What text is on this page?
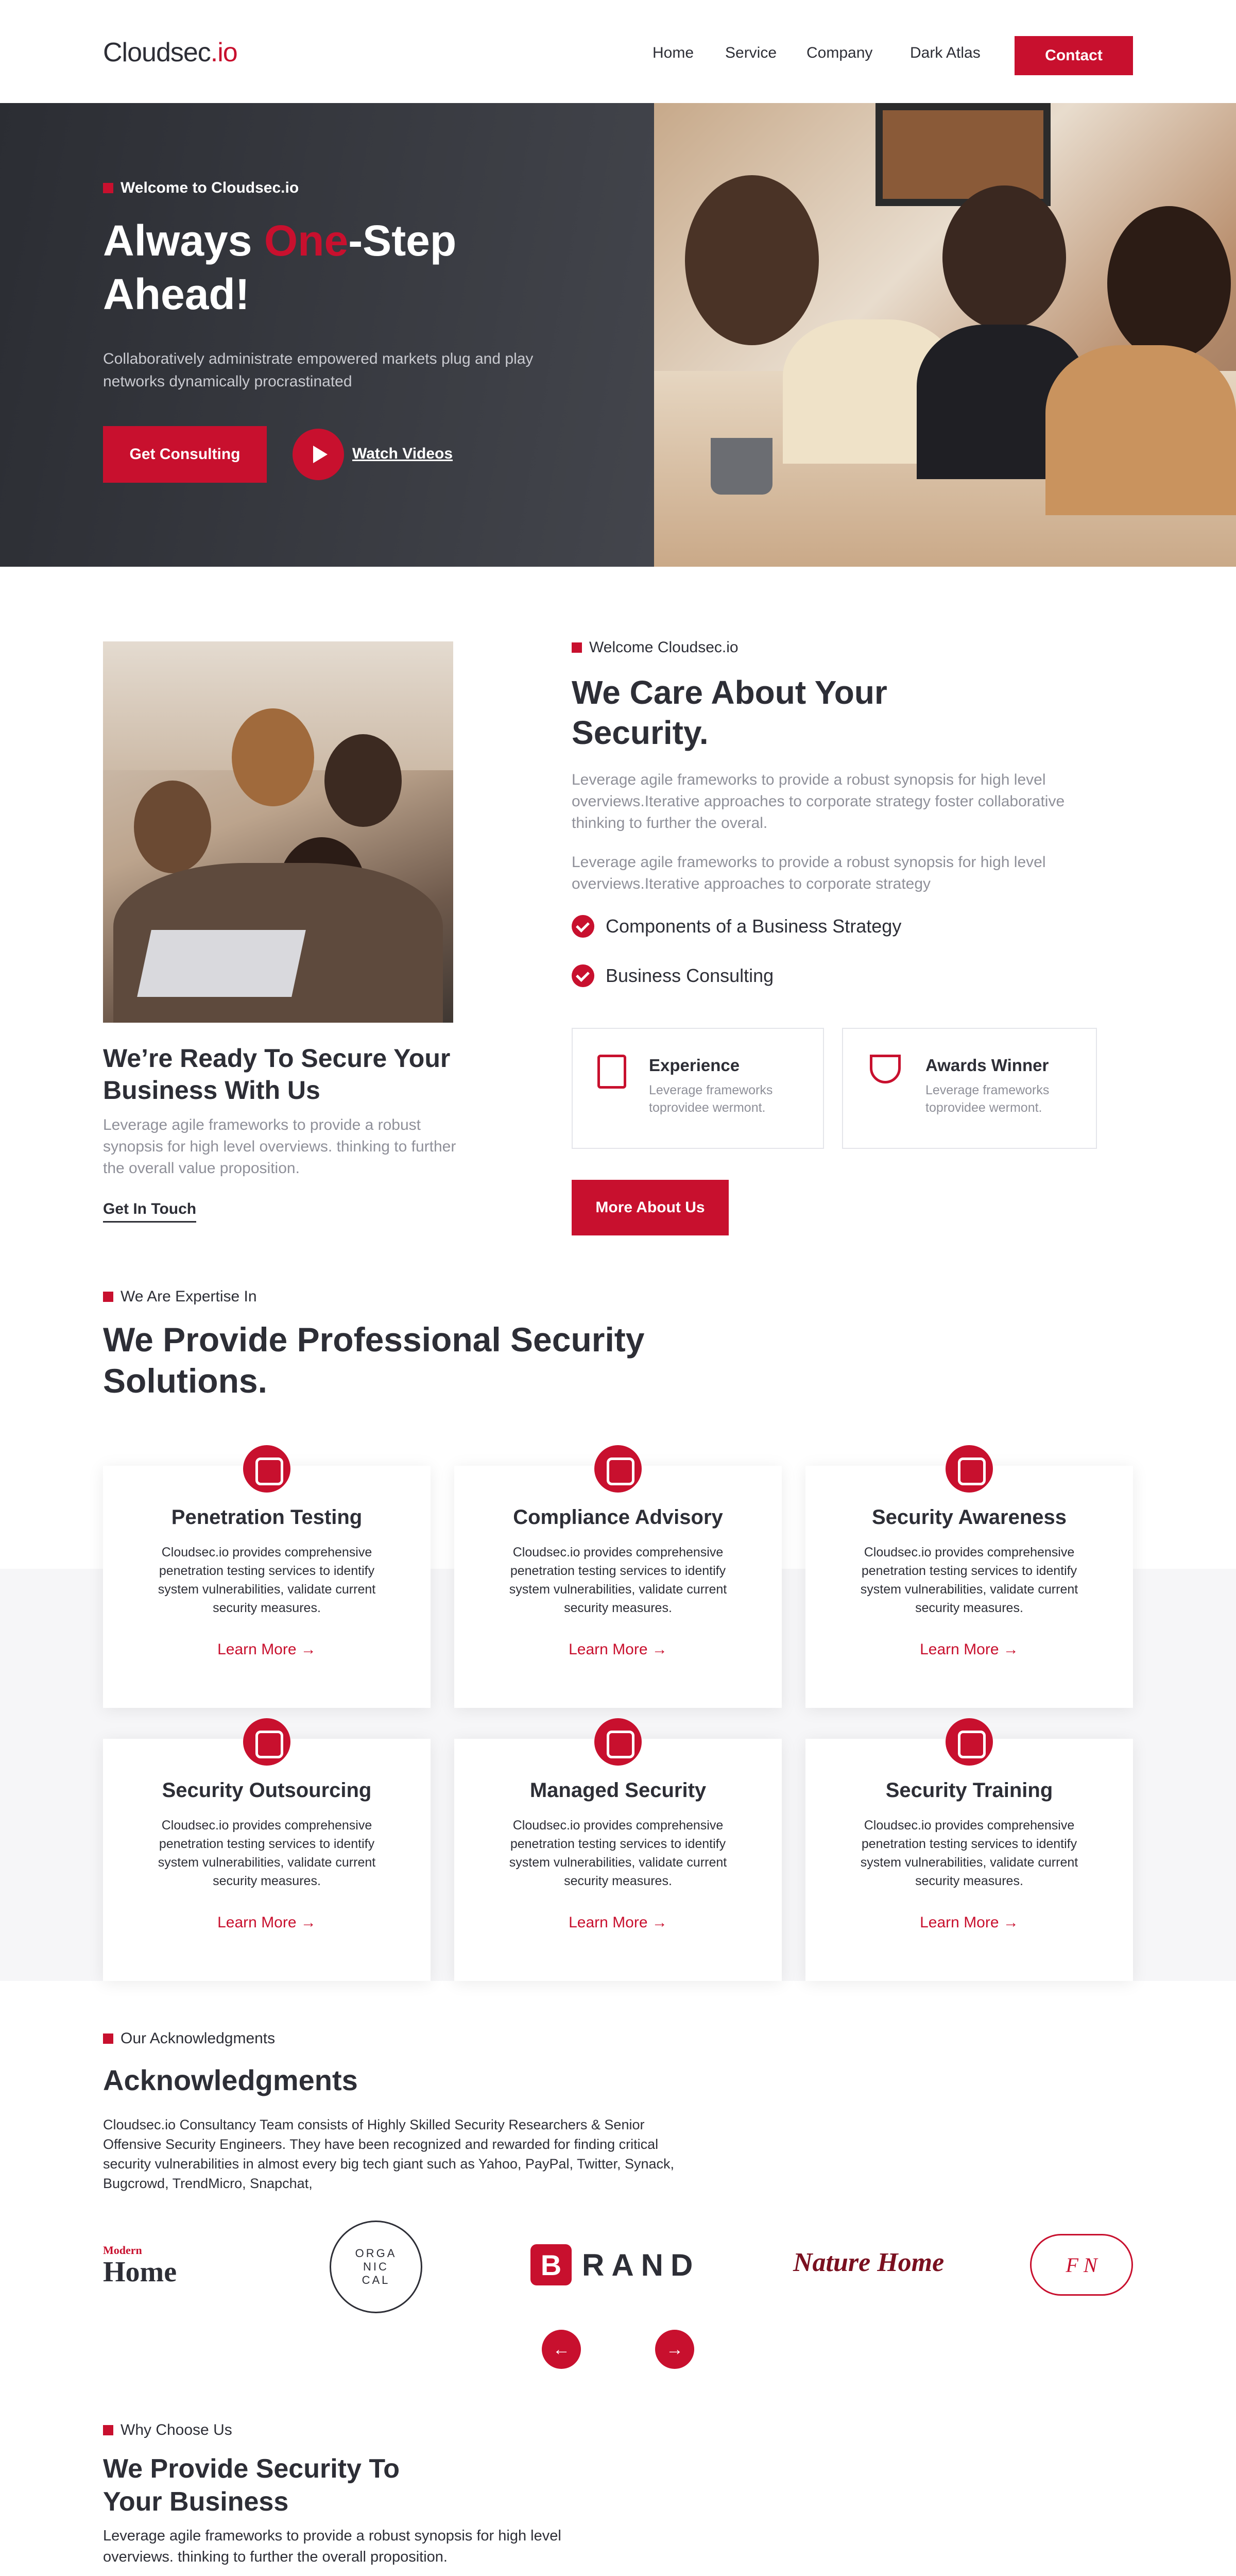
Cloudsec.io	Home Service Company Dark Atlas	Contact
Welcome to Cloudsec.io
Always One-Step Ahead!
Collaboratively administrate empowered markets plug and play networks dynamically procrastinated
Get Consulting	Watch Videos
We’re Ready To Secure Your Business With Us
Leverage agile frameworks to provide a robust synopsis for high level overviews. thinking to further the overall value proposition.
Get In Touch
Welcome Cloudsec.io
We Care About Your Security.
Leverage agile frameworks to provide a robust synopsis for high level overviews.Iterative approaches to corporate strategy foster collaborative thinking to further the overal.
Leverage agile frameworks to provide a robust synopsis for high level overviews.Iterative approaches to corporate strategy
Components of a Business Strategy
Business Consulting
Experience
Leverage frameworks toprovidee wermont.
Awards Winner
Leverage frameworks toprovidee wermont.
More About Us
We Are Expertise In
We Provide Professional Security Solutions.
Penetration Testing
Cloudsec.io provides comprehensive penetration testing services to identify system vulnerabilities, validate current security measures.
Learn More →
Compliance Advisory
Cloudsec.io provides comprehensive penetration testing services to identify system vulnerabilities, validate current security measures.
Learn More →
Security Awareness
Cloudsec.io provides comprehensive penetration testing services to identify system vulnerabilities, validate current security measures.
Learn More →
Security Outsourcing
Cloudsec.io provides comprehensive penetration testing services to identify system vulnerabilities, validate current security measures.
Learn More →
Managed Security
Cloudsec.io provides comprehensive penetration testing services to identify system vulnerabilities, validate current security measures.
Learn More →
Security Training
Cloudsec.io provides comprehensive penetration testing services to identify system vulnerabilities, validate current security measures.
Learn More →
Our Acknowledgments
Acknowledgments
Cloudsec.io Consultancy Team consists of Highly Skilled Security Researchers & Senior Offensive Security Engineers. They have been recognized and rewarded for finding critical security vulnerabilities in almost every big tech giant such as Yahoo, PayPal, Twitter, Synack, Bugcrowd, TrendMicro, Snapchat,
Modern
Home
ORGA NIC CAL	B RAND	Nature Home	F N
←	→
Why Choose Us
We Provide Security To Your Business
Leverage agile frameworks to provide a robust synopsis for high level overviews. thinking to further the overall proposition.
